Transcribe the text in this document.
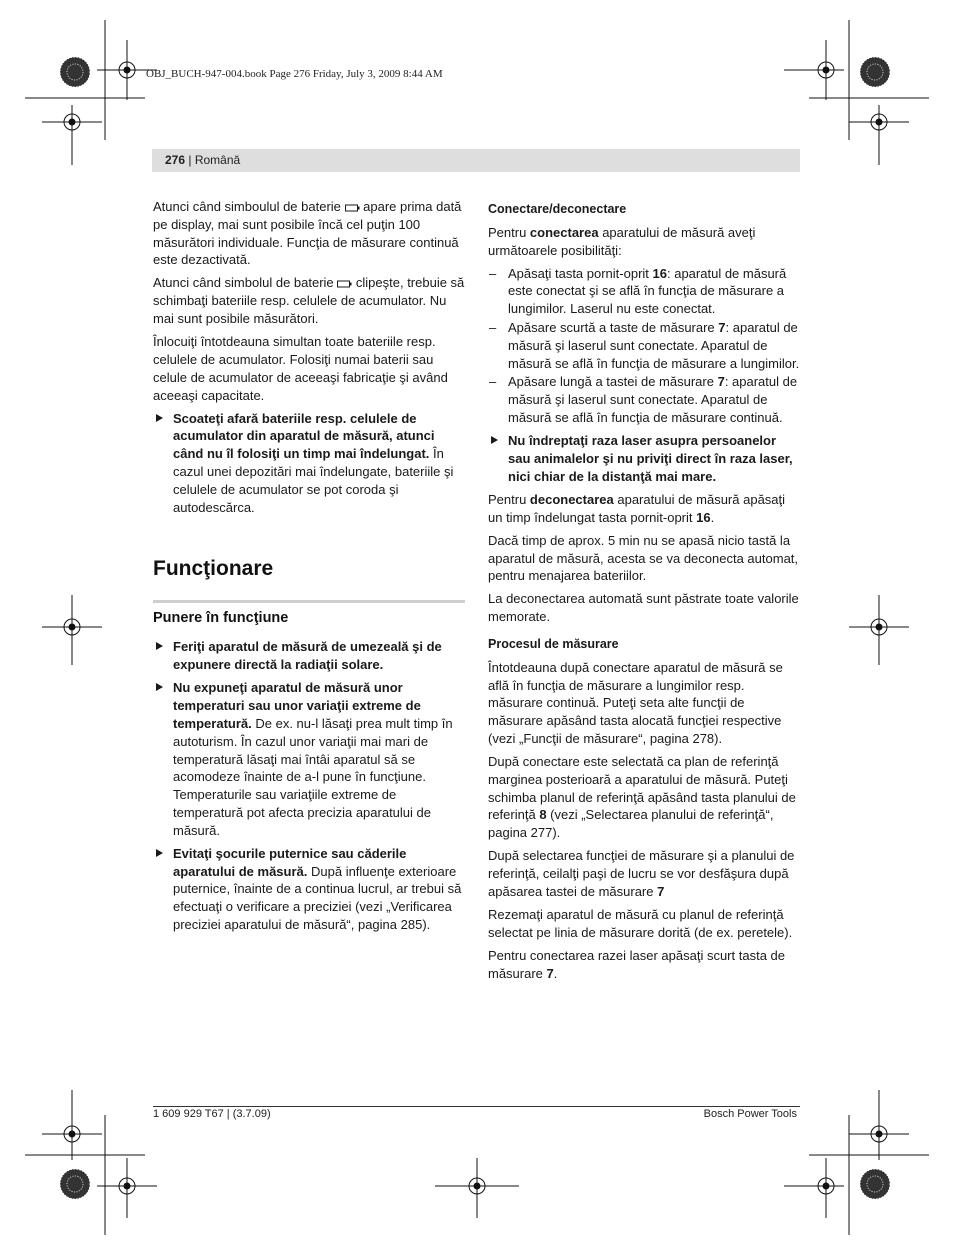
OBJ_BUCH-947-004.book Page 276 Friday, July 3, 2009 8:44 AM
276 | Română

Atunci când simboulul de baterie  apare prima dată pe display, mai sunt posibile încă cel puţin 100 măsurători individuale. Funcţia de măsurare continuă este dezactivată.

Atunci când simbolul de baterie  clipeşte, trebuie să schimbaţi bateriile resp. celulele de acumulator. Nu mai sunt posibile măsurători.

Înlocuiţi întotdeauna simultan toate bateriile resp. celulele de acumulator. Folosiţi numai baterii sau celule de acumulator de aceeaşi fabricaţie şi având aceeaşi capacitate.

Scoateţi afară bateriile resp. celulele de acumulator din aparatul de măsură, atunci când nu îl folosiţi un timp mai îndelungat. În cazul unei depozitări mai îndelungate, bateriile şi celulele de acumulator se pot coroda şi autodescărca.
Funcţionare
Punere în funcţiune
Feriţi aparatul de măsură de umezeală şi de expunere directă la radiaţii solare.
Nu expuneţi aparatul de măsură unor temperaturi sau unor variaţii extreme de temperatură. De ex. nu-l lăsaţi prea mult timp în autoturism. În cazul unor variaţii mai mari de temperatură lăsaţi mai întâi aparatul să se acomodeze înainte de a-l pune în funcţiune. Temperaturile sau variaţiile extreme de temperatură pot afecta precizia aparatului de măsură.
Evitaţi şocurile puternice sau căderile aparatului de măsură. După influenţe exterioare puternice, înainte de a continua lucrul, ar trebui să efectuaţi o verificare a preciziei (vezi „Verificarea preciziei aparatului de măsură“, pagina 285).
Conectare/deconectare

Pentru conectarea aparatului de măsură aveţi următoarele posibilităţi:

– Apăsaţi tasta pornit-oprit 16: aparatul de măsură este conectat şi se află în funcţia de măsurare a lungimilor. Laserul nu este conectat.
– Apăsare scurtă a taste de măsurare 7: aparatul de măsură şi laserul sunt conectate. Aparatul de măsură se află în funcţia de măsurare a lungimilor.
– Apăsare lungă a tastei de măsurare 7: aparatul de măsură şi laserul sunt conectate. Aparatul de măsură se află în funcţia de măsurare continuă.
Nu îndreptaţi raza laser asupra persoanelor sau animalelor şi nu priviţi direct în raza laser, nici chiar de la distanţă mai mare.

Pentru deconectarea aparatului de măsură apăsaţi un timp îndelungat tasta pornit-oprit 16.

Dacă timp de aprox. 5 min nu se apasă nicio tastă la aparatul de măsură, acesta se va deconecta automat, pentru menajarea bateriilor.

La deconectarea automată sunt păstrate toate valorile memorate.

Procesul de măsurare

Întotdeauna după conectare aparatul de măsură se află în funcţia de măsurare a lungimilor resp. măsurare continuă. Puteţi seta alte funcţii de măsurare apăsând tasta alocată funcţiei respective (vezi „Funcţii de măsurare“, pagina 278).

După conectare este selectată ca plan de referinţă marginea posterioară a aparatului de măsură. Puteţi schimba planul de referinţă apăsând tasta planului de referinţă 8 (vezi „Selectarea planului de referinţă“, pagina 277).

După selectarea funcţiei de măsurare şi a planului de referinţă, ceilalţi paşi de lucru se vor desfăşura după apăsarea tastei de măsurare 7

Rezemaţi aparatul de măsură cu planul de referinţă selectat pe linia de măsurare dorită (de ex. peretele).

Pentru conectarea razei laser apăsaţi scurt tasta de măsurare 7.

1 609 929 T67 | (3.7.09)	Bosch Power Tools
